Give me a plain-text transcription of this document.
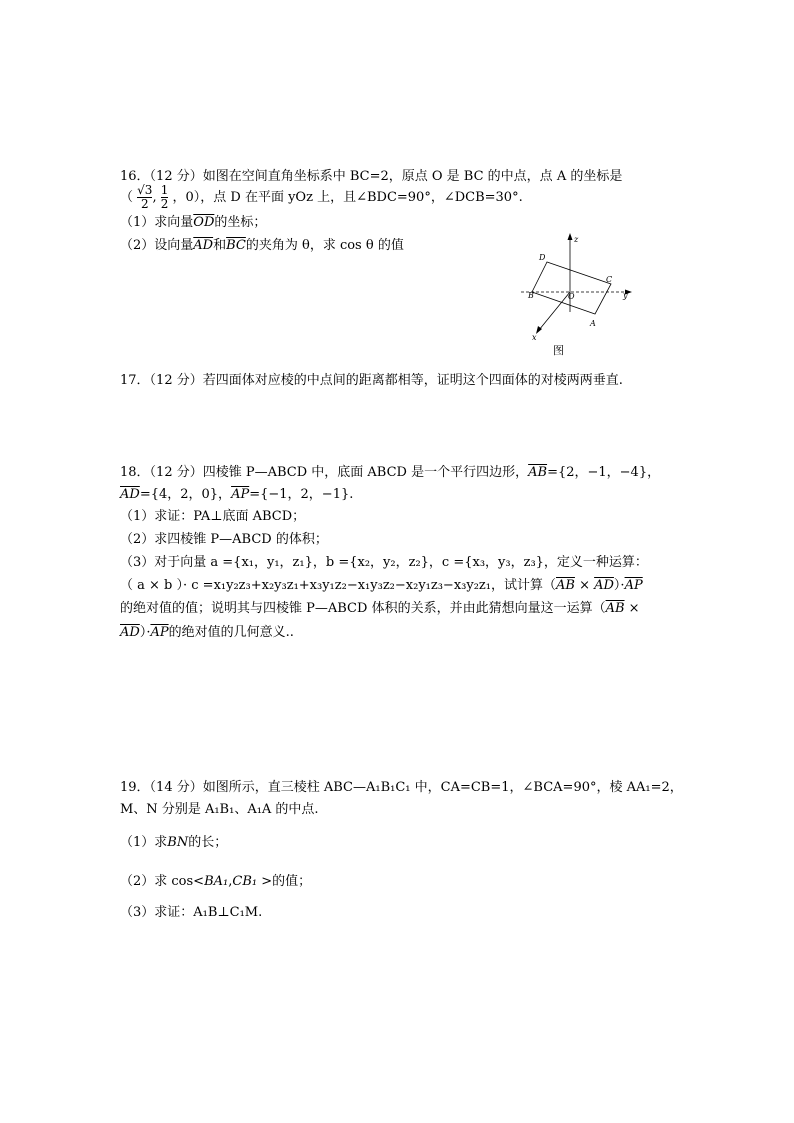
16．（12 分）如图在空间直角坐标系中 BC=2，原点 O 是 BC 的中点，点 A 的坐标是
（ $\frac{√3}{2}$ , $\frac{1}{2}$ ，0），点 D 在平面 yOz 上，且∠BDC=90°，∠DCB=30°.
（1）求向量$\overline{OD}$的坐标；
（2）设向量$\overline{AD}$和$\overline{BC}$的夹角为 θ，求 cos θ 的值	z
y
x
D
C
B	O
A
图
17．（12 分）若四面体对应棱的中点间的距离都相等，证明这个四面体的对棱两两垂直.
18．（12 分）四棱锥 P—ABCD 中，底面 ABCD 是一个平行四边形，$\overline{AB}=\{2$，−1，−4}，
$\overline{AD}=\{4$，2，0}，$\overline{AP}=\{-1$，2，−1}.
（1）求证：PA⊥底面 ABCD；
（2）求四棱锥 P—ABCD 的体积；
（3）对于向量 a ={x₁，y₁，z₁}，b ={x₂，y₂，z₂}，c ={x₃，y₃，z₃}，定义一种运算：
（ a × b ）· c =x₁y₂z₃+x₂y₃z₁+x₃y₁z₂−x₁y₃z₂−x₂y₁z₃−x₃y₂z₁，试计算$(\overline{AB} \times \overline{AD})\cdot\overline{AP}$
的绝对值的值；说明其与四棱锥 P—ABCD 体积的关系，并由此猜想向量这一运算（$\overline{AB}$ ×
$\overline{AD})\cdot\overline{AP}$的绝对值的几何意义..
19．（14 分）如图所示，直三棱柱 ABC—A₁B₁C₁ 中，CA=CB=1，∠BCA=90°，棱 AA₁=2，
M、N 分别是 A₁B₁、A₁A 的中点.
（1）求BN的长；
（2）求 cos<BA₁,CB₁ >的值；
（3）求证：A₁B⊥C₁M.
